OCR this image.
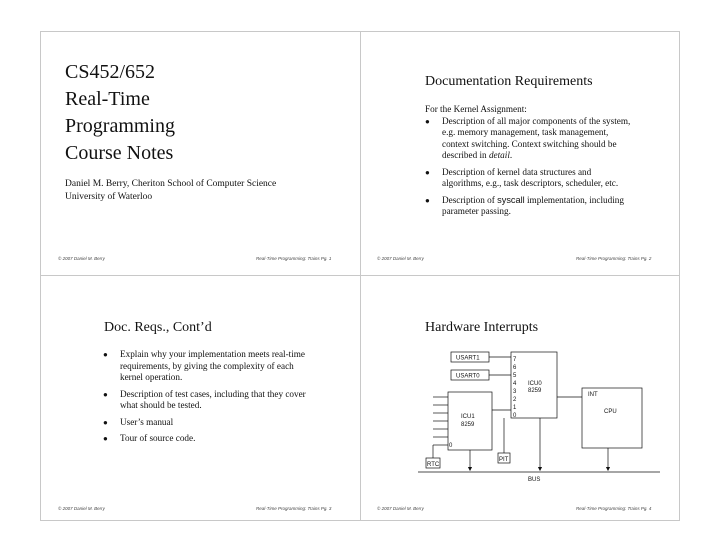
CS452/652
Real-Time
Programming
Course Notes
Daniel M. Berry, Cheriton School of Computer Science
University of Waterloo
© 2007 Daniel M. Berry	Real-Time Programming: Trains Pg. 1
Documentation Requirements
For the Kernel Assignment:
● Description of all major components of the system,
e.g. memory management, task management,
context switching. Context switching should be
described in detail.
● Description of kernel data structures and
algorithms, e.g., task descriptors, scheduler, etc.
● Description of syscall implementation, including
parameter passing.
© 2007 Daniel M. Berry	Real-Time Programming: Trains Pg. 2
Doc. Reqs., Cont’d
● Explain why your implementation meets real-time
requirements, by giving the complexity of each
kernel operation.
● Description of test cases, including that they cover
what should be tested.
● User’s manual
● Tour of source code.
© 2007 Daniel M. Berry	Real-Time Programming: Trains Pg. 3
Hardware Interrupts
USART1
USART0
ICU0
8259
ICU1
8259
CPU
INT
PIT
RTC
BUS
7
6
5
4
3
2
1
0
0
© 2007 Daniel M. Berry	Real-Time Programming: Trains Pg. 4
